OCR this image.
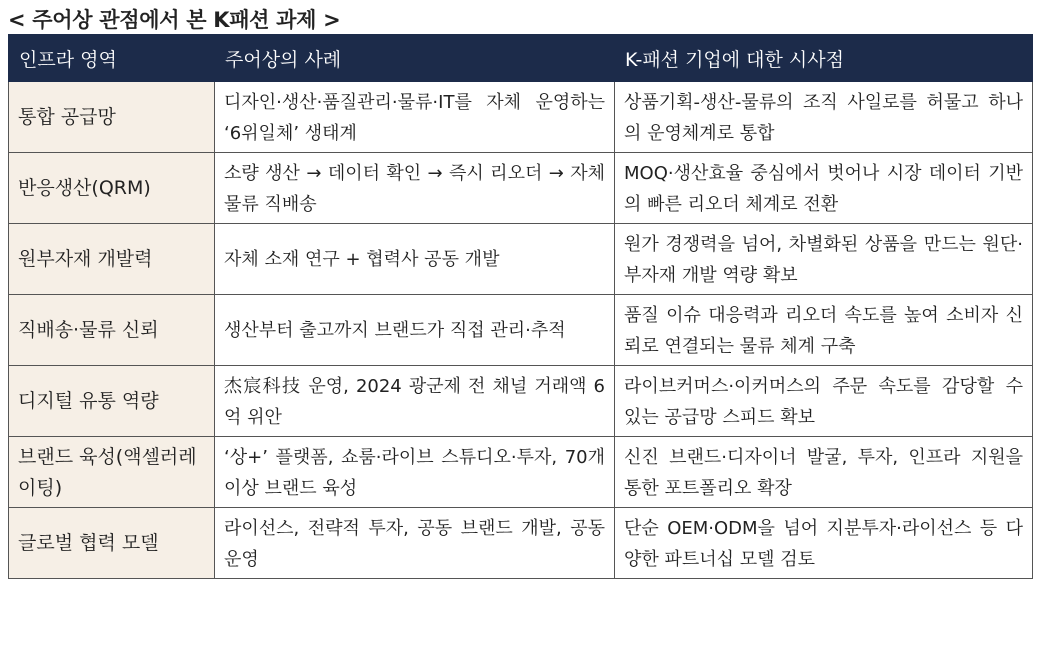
< 주어상 관점에서 본 K패션 과제 >
인프라 영역	주어상의 사례	K-패션 기업에 대한 시사점
통합 공급망	디자인·생산·품질관리·물류·IT를 자체 운영하는 ‘6위일체’ 생태계	상품기획-생산-물류의 조직 사일로를 허물고 하나의 운영체계로 통합
반응생산(QRM)	소량 생산 → 데이터 확인 → 즉시 리오더 → 자체 물류 직배송	MOQ·생산효율 중심에서 벗어나 시장 데이터 기반의 빠른 리오더 체계로 전환
원부자재 개발력	자체 소재 연구 + 협력사 공동 개발	원가 경쟁력을 넘어, 차별화된 상품을 만드는 원단·부자재 개발 역량 확보
직배송·물류 신뢰	생산부터 출고까지 브랜드가 직접 관리·추적	품질 이슈 대응력과 리오더 속도를 높여 소비자 신뢰로 연결되는 물류 체계 구축
디지털 유통 역량	杰宸科技 운영, 2024 광군제 전 채널 거래액 6억 위안	라이브커머스·이커머스의 주문 속도를 감당할 수 있는 공급망 스피드 확보
브랜드 육성(액셀러레이팅)	‘상+’ 플랫폼, 쇼룸·라이브 스튜디오·투자, 70개 이상 브랜드 육성	신진 브랜드·디자이너 발굴, 투자, 인프라 지원을 통한 포트폴리오 확장
글로벌 협력 모델	라이선스, 전략적 투자, 공동 브랜드 개발, 공동 운영	단순 OEM·ODM을 넘어 지분투자·라이선스 등 다양한 파트너십 모델 검토
